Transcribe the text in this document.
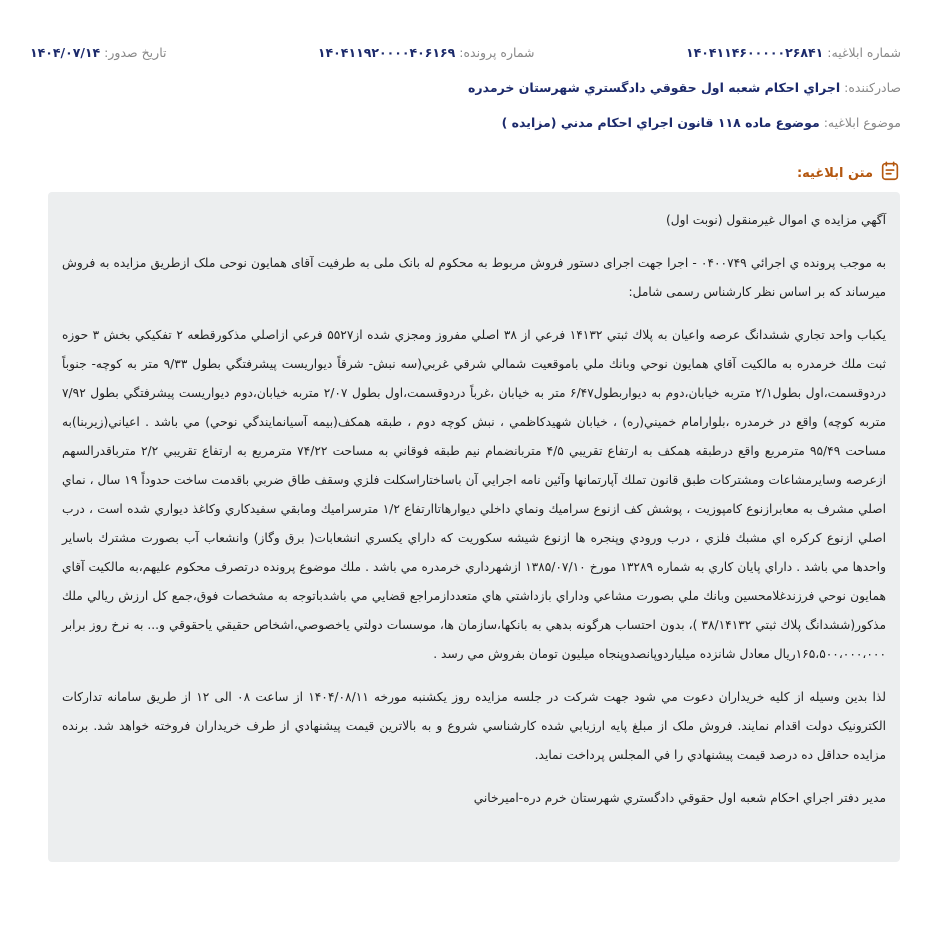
شماره ابلاغیه: ۱۴۰۴۱۱۴۶۰۰۰۰۰۲۶۸۴۱
شماره پرونده: ۱۴۰۴۱۱۹۲۰۰۰۰۴۰۶۱۶۹
تاریخ صدور: ۱۴۰۴/۰۷/۱۴
صادرکننده:

اجراي احکام شعبه اول حقوقي دادگستري شهرستان خرمدره
موضوع ابلاغیه:

موضوع ماده ۱۱۸ قانون اجراي احکام مدني (مزايده )
متن ابلاغیه:

آگهي مزايده ي اموال غيرمنقول (نوبت اول)

به موجب پرونده ي اجرائي ۰۴۰۰۷۴۹ - اجرا جهت اجرای دستور فروش مربوط به محکوم له بانک ملی به طرفیت آقای همایون نوحی ملک ازطریق مزایده به فروش میرساند که بر اساس نظر کارشناس رسمی شامل:

يكباب واحد تجاري ششدانگ عرصه واعيان به پلاك ثبتي ۱۴۱۳۲ فرعي از ۳۸ اصلي مفروز ومجزي شده از۵۵۲۷ فرعي ازاصلي مذكورقطعه ۲ تفكيكي بخش ۳ حوزه ثبت ملك خرمدره به مالكيت آقاي همايون نوحي وبانك ملي باموقعيت شمالي شرقي غربي(سه نبش- شرقاً ديواريست پيشرفتگي بطول ۹/۳۳ متر به كوچه- جنوباً دردوقسمت،اول بطول۲/۱ متربه خيابان،دوم به ديواربطول۶/۴۷ متر به خيابان ،غرباً دردوقسمت،اول بطول ۲/۰۷ متربه خيابان،دوم ديواريست پيشرفتگي بطول ۷/۹۲ متربه كوچه) واقع در خرمدره ،بلوارامام خميني(ره) ، خيابان شهيدكاظمي ، نبش كوچه دوم ، طبقه همكف(بيمه آسيانمايندگي نوحي) مي باشد . اعياني(زيربنا)به مساحت ۹۵/۴۹ مترمربع واقع درطبقه همكف به ارتفاع تقريبي ۴/۵ متربانضمام نيم طبقه فوقاني به مساحت ۷۴/۲۲ مترمربع به ارتفاع تقريبي ۲/۲ مترباقدرالسهم ازعرصه وسايرمشاعات ومشتركات طبق قانون تملك آپارتمانها وآئين نامه اجرايي آن باساختاراسكلت فلزي وسقف طاق ضربي باقدمت ساخت حدوداً ۱۹ سال ، نماي اصلي مشرف به معابرازنوع كامپوزيت ، پوشش كف ازنوع سراميك ونماي داخلي ديوارهاتاارتفاع ۱/۲ مترسراميك ومابقي سفيدكاري وكاغذ ديواري شده است ، درب اصلي ازنوع كركره اي مشبك فلزي ، درب ورودي وپنجره ها ازنوع شيشه سكوريت كه داراي يكسري انشعابات( برق وگاز) وانشعاب آب بصورت مشترك باساير واحدها مي باشد . داراي پايان كاري به شماره ۱۳۲۸۹ مورخ ۱۳۸۵/۰۷/۱۰ ازشهرداري خرمدره مي باشد . ملك موضوع پرونده درتصرف محكوم عليهم،به مالكيت آقاي همايون نوحي فرزندغلامحسين وبانك ملي بصورت مشاعي وداراي بازداشتي هاي متعددازمراجع قضايي مي باشدباتوجه به مشخصات فوق،جمع كل ارزش ريالي ملك مذكور(ششدانگ پلاك ثبتي ۳۸/۱۴۱۳۲ )، بدون احتساب هرگونه بدهي به بانكها،سازمان ها، موسسات دولتي ياخصوصي،اشخاص حقيقي ياحقوقي و... به نرخ روز برابر ۱۶۵،۵۰۰،۰۰۰،۰۰۰ريال معادل شانزده ميلياردوپانصدوپنجاه ميليون تومان بفروش مي رسد .

لذا بدين وسيله از كليه خريداران دعوت مي شود جهت شركت در جلسه مزايده روز يكشنبه مورخه ۱۴۰۴/۰۸/۱۱ از ساعت ۰۸ الی ۱۲ از طريق سامانه تداركات الكترونيک دولت اقدام نمايند. فروش ملک از مبلغ پايه ارزيابي شده كارشناسي شروع و به بالاترين قيمت پيشنهادي از طرف خريداران فروخته خواهد شد. برنده مزايده حداقل ده درصد قيمت پيشنهادي را في المجلس پرداخت نمايد.

مدير دفتر اجراي احكام شعبه اول حقوقي دادگستري شهرستان خرم دره-اميرخاني
